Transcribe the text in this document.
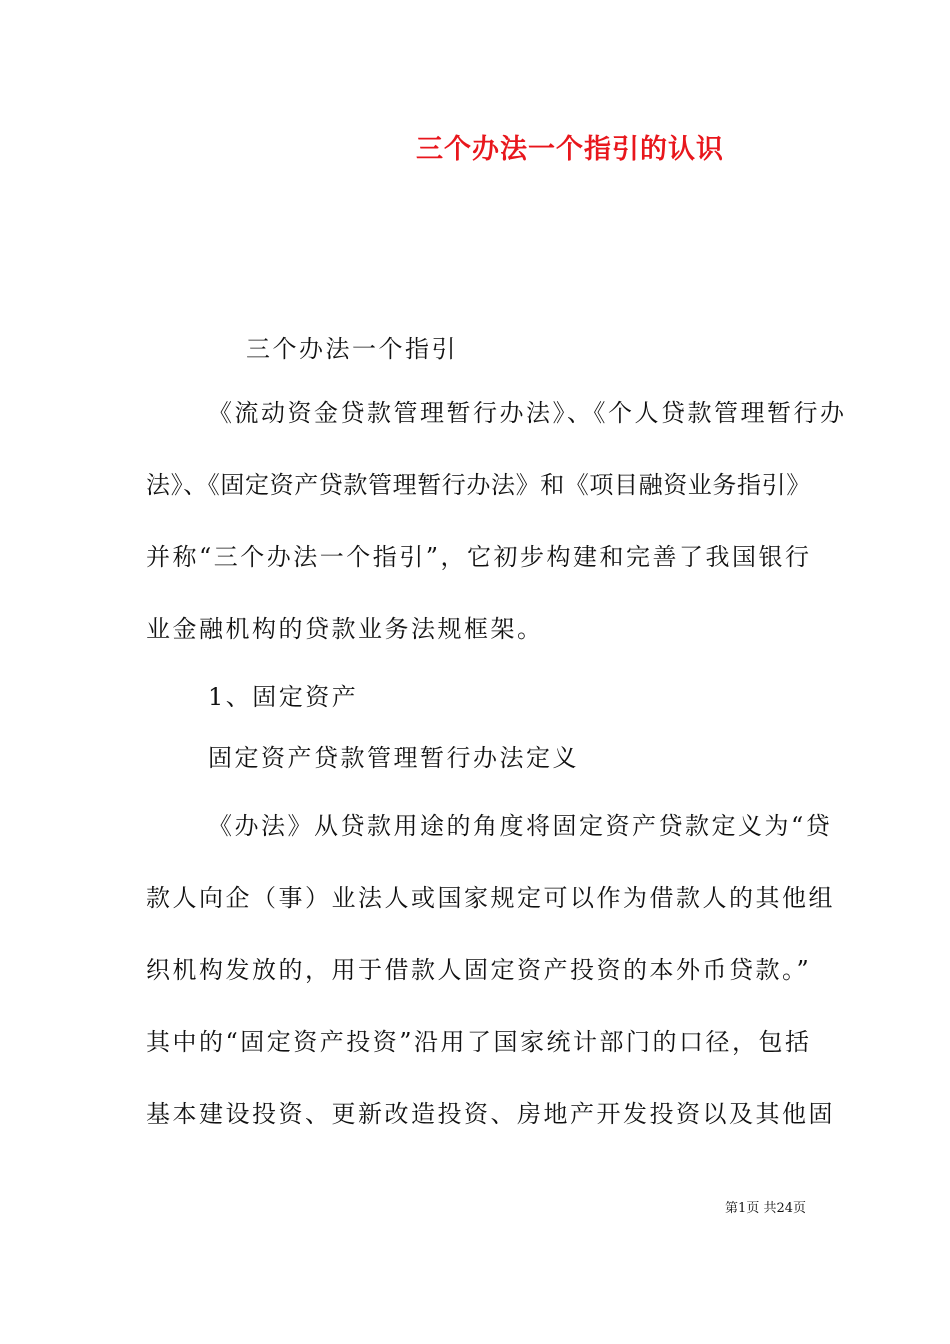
三个办法一个指引的认识
三个办法一个指引
《流动资金贷款管理暂行办法》、《个人贷款管理暂行办
法》、《固定资产贷款管理暂行办法》和《项目融资业务指引》
并称“三个办法一个指引”，它初步构建和完善了我国银行
业金融机构的贷款业务法规框架。
1、固定资产
固定资产贷款管理暂行办法定义
《办法》从贷款用途的角度将固定资产贷款定义为“贷
款人向企（事）业法人或国家规定可以作为借款人的其他组
织机构发放的，用于借款人固定资产投资的本外币贷款。”
其中的“固定资产投资”沿用了国家统计部门的口径，包括
基本建设投资、更新改造投资、房地产开发投资以及其他固
第1页 共24页
